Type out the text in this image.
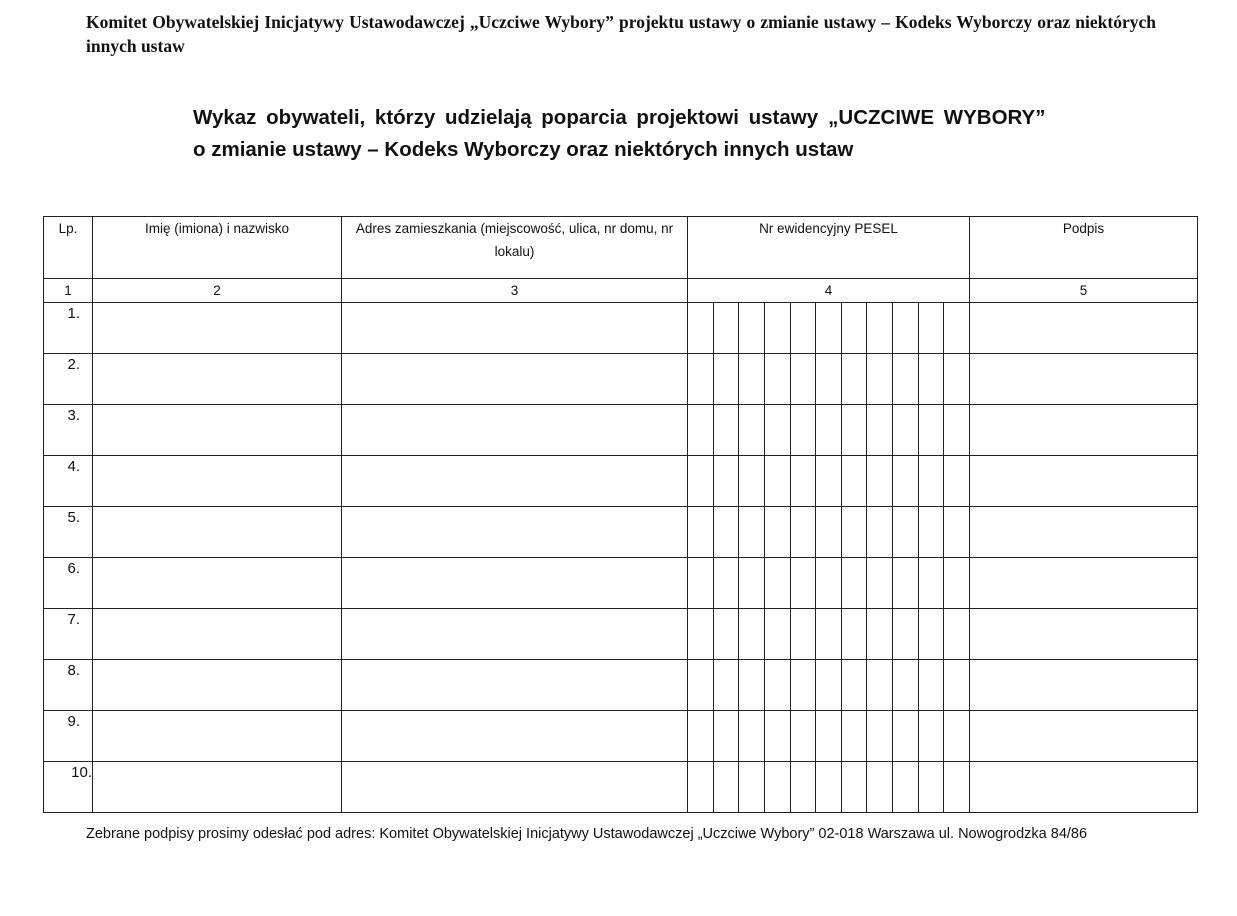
Komitet Obywatelskiej Inicjatywy Ustawodawczej „Uczciwe Wybory” projektu ustawy o zmianie ustawy – Kodeks Wyborczy oraz niektórych innych ustaw

Wykaz obywateli, którzy udzielają poparcia projektowi ustawy „UCZCIWE WYBORY”
o zmianie ustawy – Kodeks Wyborczy oraz niektórych innych ustaw
Lp.	Imię (imiona) i nazwisko	Adres zamieszkania (miejscowość, ulica, nr domu, nr lokalu)	Nr ewidencyjny PESEL											Podpis
1	2	3	4											5
1.														
2.														
3.														
4.														
5.														
6.														
7.														
8.														
9.														
10.														

Zebrane podpisy prosimy odesłać pod adres: Komitet Obywatelskiej Inicjatywy Ustawodawczej „Uczciwe Wybory” 02-018 Warszawa ul. Nowogrodzka 84/86
